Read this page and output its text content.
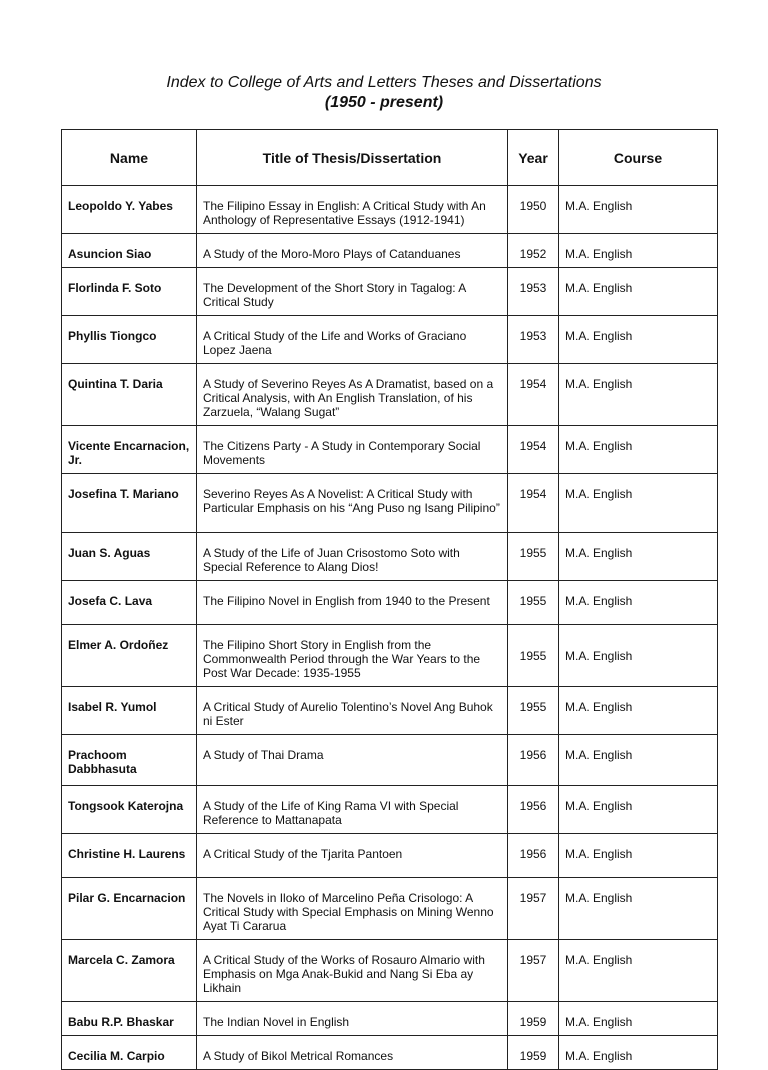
Index to College of Arts and Letters Theses and Dissertations
(1950 - present)
Name	Title of Thesis/Dissertation	Year	Course
Leopoldo Y. Yabes	The Filipino Essay in English: A Critical Study with An Anthology of Representative Essays (1912-1941)	1950	M.A. English
Asuncion Siao	A Study of the Moro-Moro Plays of Catanduanes	1952	M.A. English
Florlinda F. Soto	The Development of the Short Story in Tagalog: A Critical Study	1953	M.A. English
Phyllis Tiongco	A Critical Study of the Life and Works of Graciano Lopez Jaena	1953	M.A. English
Quintina T. Daria	A Study of Severino Reyes As A Dramatist, based on a Critical Analysis, with An English Translation, of his Zarzuela, “Walang Sugat”	1954	M.A. English
Vicente Encarnacion, Jr.	The Citizens Party - A Study in Contemporary Social Movements	1954	M.A. English
Josefina T. Mariano	Severino Reyes As A Novelist: A Critical Study with Particular Emphasis on his “Ang Puso ng Isang Pilipino”	1954	M.A. English
Juan S. Aguas	A Study of the Life of Juan Crisostomo Soto with Special Reference to Alang Dios!	1955	M.A. English
Josefa C. Lava	The Filipino Novel in English from 1940 to the Present	1955	M.A. English
Elmer A. Ordoñez	The Filipino Short Story in English from the Commonwealth Period through the War Years to the Post War Decade: 1935-1955	1955	M.A. English
Isabel R. Yumol	A Critical Study of Aurelio Tolentino’s Novel Ang Buhok ni Ester	1955	M.A. English
Prachoom Dabbhasuta	A Study of Thai Drama	1956	M.A. English
Tongsook Katerojna	A Study of the Life of King Rama VI with Special Reference to Mattanapata	1956	M.A. English
Christine H. Laurens	A Critical Study of the Tjarita Pantoen	1956	M.A. English
Pilar G. Encarnacion	The Novels in Iloko of Marcelino Peña Crisologo: A Critical Study with Special Emphasis on Mining Wenno Ayat Ti Cararua	1957	M.A. English
Marcela C. Zamora	A Critical Study of the Works of Rosauro Almario with Emphasis on Mga Anak-Bukid and Nang Si Eba ay Likhain	1957	M.A. English
Babu R.P. Bhaskar	The Indian Novel in English	1959	M.A. English
Cecilia M. Carpio	A Study of Bikol Metrical Romances	1959	M.A. English
